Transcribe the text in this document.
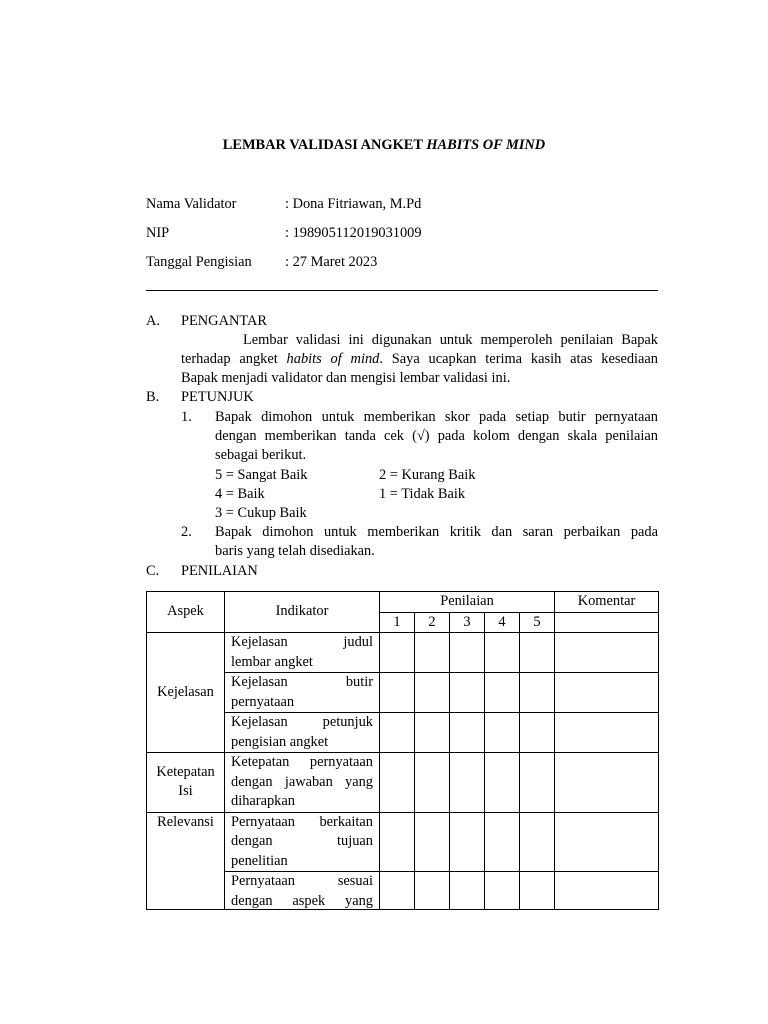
LEMBAR VALIDASI ANGKET HABITS OF MIND
Nama Validator	: Dona Fitriawan, M.Pd
NIP	: 198905112019031009
Tanggal Pengisian : 27 Maret 2023
A. PENGANTAR
Lembar validasi ini digunakan untuk memperoleh penilaian Bapak
terhadap angket habits of mind. Saya ucapkan terima kasih atas kesediaan
Bapak menjadi validator dan mengisi lembar validasi ini.
B. PETUNJUK
1. Bapak dimohon untuk memberikan skor pada setiap butir pernyataan
dengan memberikan tanda cek (√) pada kolom dengan skala penilaian
sebagai berikut.
5 = Sangat Baik
4 = Baik
3 = Cukup Baik
2 = Kurang Baik
1 = Tidak Baik
2. Bapak dimohon untuk memberikan kritik dan saran perbaikan pada
baris yang telah disediakan.
C. PENILAIAN
Aspek	Indikator	Penilaian					Komentar
		1	2	3	4	5	
Kejelasan	Kejelasan judul
lembar angket						

	Kejelasan butir
pernyataan						

	Kejelasan petunjuk
pengisian angket						
Ketepatan
Isi	Ketepatan pernyataan
dengan jawaban yang
diharapkan						
Relevansi	Pernyataan berkaitan
dengan tujuan
penelitian						

	Pernyataan sesuai
dengan aspek yang						
